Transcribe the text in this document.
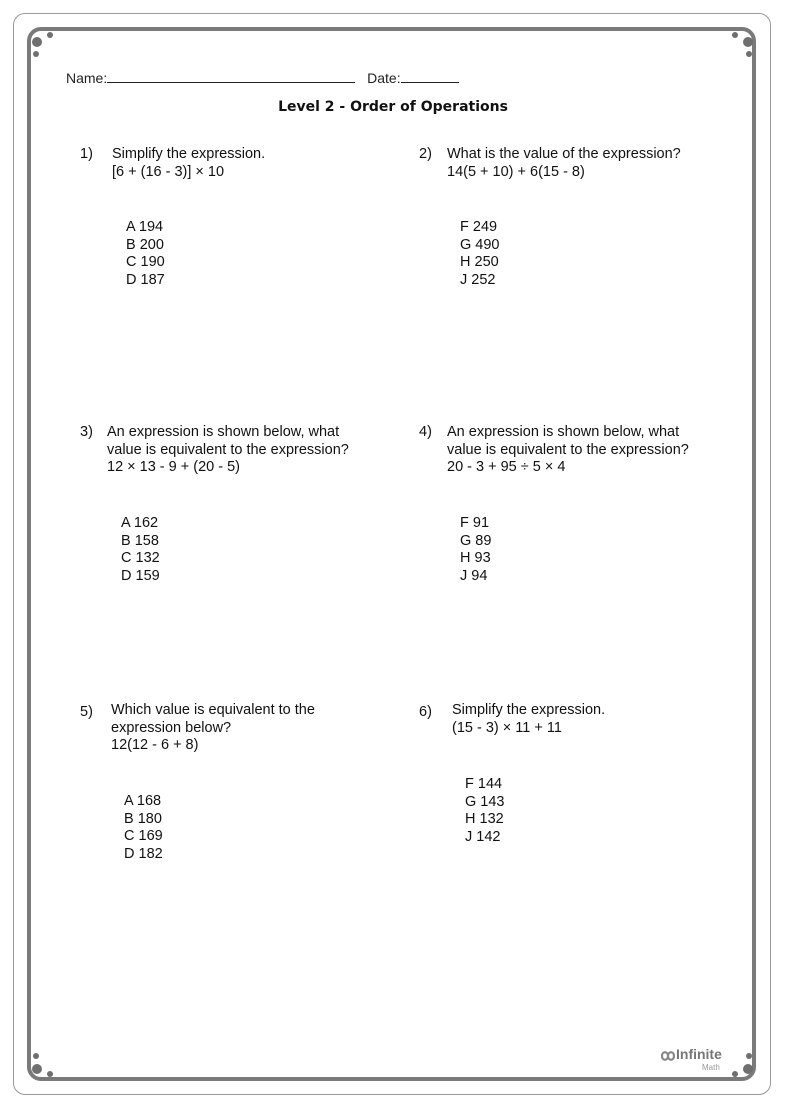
Name:	Date:
Level 2 - Order of Operations
1) Simplify the expression.
[6 + (16 - 3)] × 10
A 194
B 200
C 190
D 187
2) What is the value of the expression?
14(5 + 10) + 6(15 - 8)
F 249
G 490
H 250
J 252
3) An expression is shown below, what
value is equivalent to the expression?
12 × 13 - 9 + (20 - 5)
A 162
B 158
C 132
D 159
4) An expression is shown below, what
value is equivalent to the expression?
20 - 3 + 95 ÷ 5 × 4
F 91
G 89
H 93
J 94
5) Which value is equivalent to the
expression below?
12(12 - 6 + 8)
A 168
B 180
C 169
D 182
6) Simplify the expression.
(15 - 3) × 11 + 11
F 144
G 143
H 132
J 142
Infinite
Math
